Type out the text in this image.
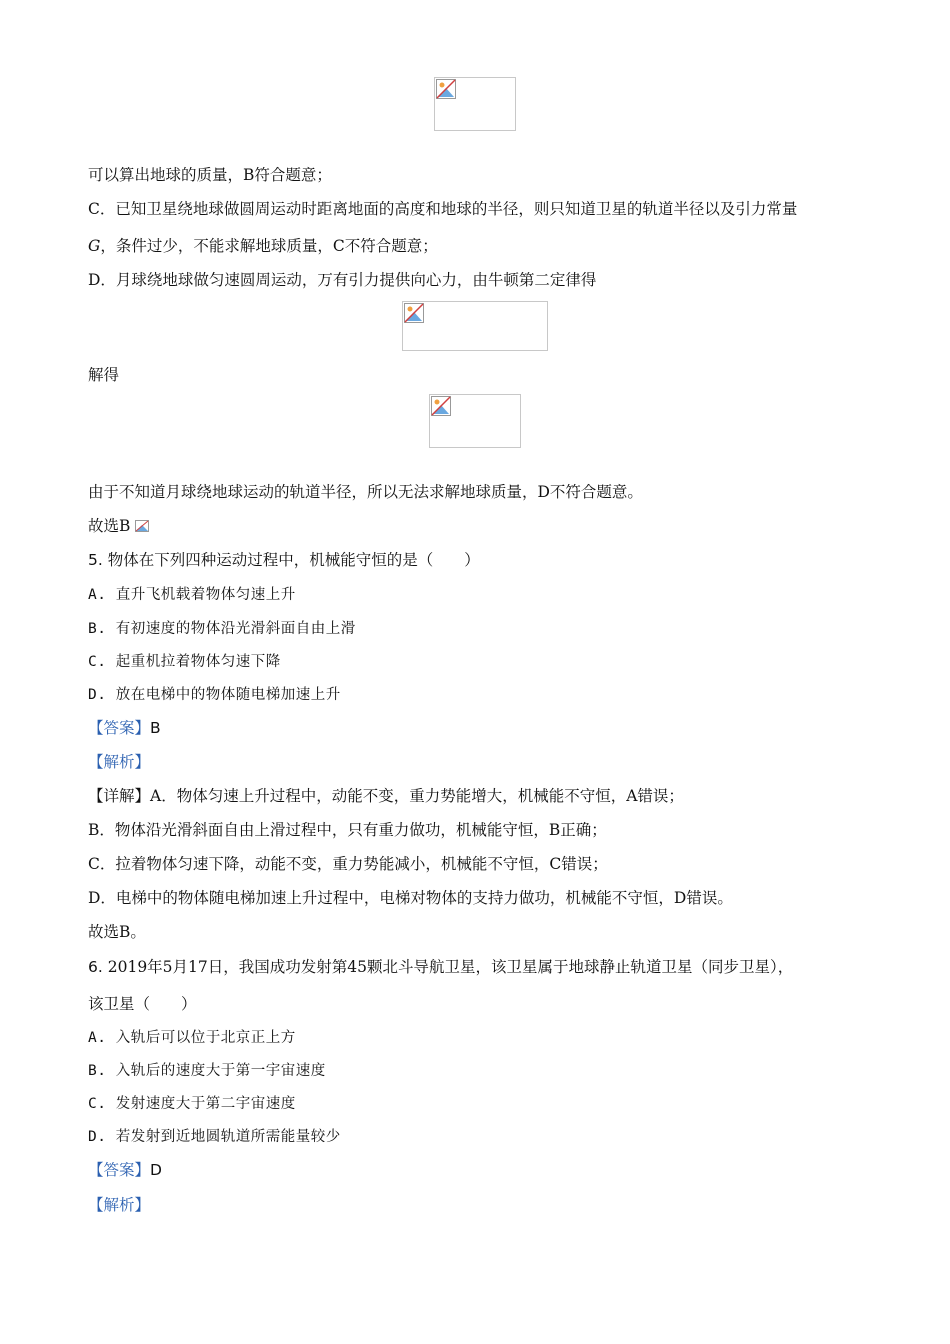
可以算出地球的质量，B符合题意；
C．已知卫星绕地球做圆周运动时距离地面的高度和地球的半径，则只知道卫星的轨道半径以及引力常量
G，条件过少，不能求解地球质量，C不符合题意；
D．月球绕地球做匀速圆周运动，万有引力提供向心力，由牛顿第二定律得
解得
由于不知道月球绕地球运动的轨道半径，所以无法求解地球质量，D不符合题意。
故选B
5. 物体在下列四种运动过程中，机械能守恒的是（　　）
A. 直升飞机载着物体匀速上升
B. 有初速度的物体沿光滑斜面自由上滑
C. 起重机拉着物体匀速下降
D. 放在电梯中的物体随电梯加速上升
【答案】B
【解析】
【详解】A．物体匀速上升过程中，动能不变，重力势能增大，机械能不守恒，A错误；
B．物体沿光滑斜面自由上滑过程中，只有重力做功，机械能守恒，B正确；
C．拉着物体匀速下降，动能不变，重力势能减小，机械能不守恒，C错误；
D．电梯中的物体随电梯加速上升过程中，电梯对物体的支持力做功，机械能不守恒，D错误。
故选B。
6. 2019年5月17日，我国成功发射第45颗北斗导航卫星，该卫星属于地球静止轨道卫星（同步卫星），
该卫星（　　）
A. 入轨后可以位于北京正上方
B. 入轨后的速度大于第一宇宙速度
C. 发射速度大于第二宇宙速度
D. 若发射到近地圆轨道所需能量较少
【答案】D
【解析】
